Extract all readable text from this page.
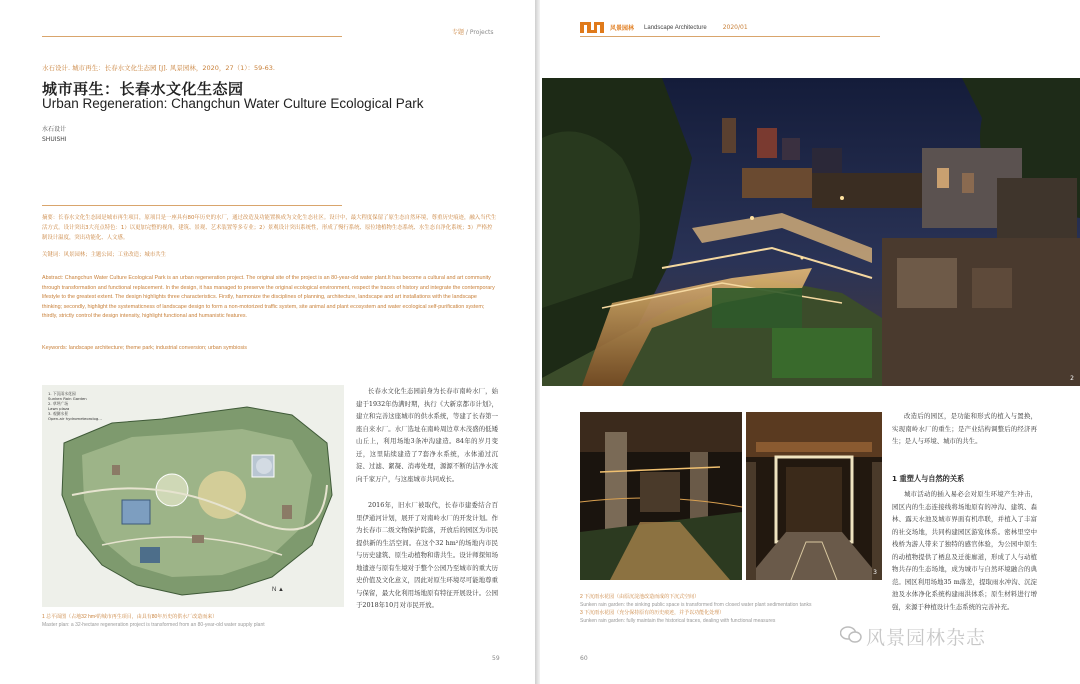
专题 / Projects
水石设计. 城市再生：长春水文化生态园 [J]. 风景园林，2020，27（1）：59-63.
城市再生：长春水文化生态园
Urban Regeneration: Changchun Water Culture Ecological Park
水石设计
SHUISHI
摘要：长春水文化生态园是城市再生项目，原项目是一座具有80年历史的水厂，通过改造及功能置换成为文化生态社区。设计中，最大程度保留了原生态自然环境，尊重历史痕迹，融入当代生活方式。设计突出3大亮点特色：1）以更加完整的视角，建筑、景观、艺术装置等多专业；2）景观设计突出系统性，形成了慢行系统、原位地植物生态系统、水生态自净化系统；3）严格控制设计温度，突出功能化、人文感。
关键词：风景园林；主题公园；工业改造；城市共生
Abstract: Changchun Water Culture Ecological Park is an urban regeneration project. The original site of the project is an 80-year-old water plant.It has become a cultural and art community through transformation and functional replacement. In the design, it has managed to preserve the original ecological environment, respect the traces of history and integrate the contemporary lifestyle to the greatest extent. The design highlights three characteristics. Firstly, harmonize the disciplines of planning, architecture, landscape and art installations with the landscape thinking; secondly, highlight the systematicness of landscape design to form a non-motorized traffic system, site animal and plant ecosystem and water ecological self-purification system; thirdly, strictly control the design intensity, highlight functional and humanistic features.
Keywords: landscape architecture; theme park; industrial conversion; urban symbiosis
N ▲
1. 下沉雨水花园
Sunken Rain Garden
2. 草坪广场
Lawn plaza
3. 观测水景
Open-air hydrometeorolog...
1 总平面图（占地32 hm²的城市再生项目，由具有80年历史的供水厂改造而来）
Master plan: a 32-hectare regeneration project is transformed from an 80-year-old water supply plant
长春水文化生态园前身为长春市南岭水厂，始建于1932年伪满时期，执行《大新京都市计划》，建立和完善这座城市的供水系统，等建了长春第一座自来水厂。水厂选址在南岭周边草木茂盛的低矮山丘上，利用场地3条冲沟建造。84年的岁月变迁，这里陆续建造了7套净水系统，水体通过沉淀、过滤、絮凝、消毒处理，源源不断的洁净水流向千家万户，与这座城市共同成长。
2016年，旧水厂被取代，长春市建委结合百里伊通河计划，展开了对南岭水厂的开发计划。作为长春市二级文物保护院落，开放后的园区为市民提供新的生活空间。在这个32 hm²的场地内市民与历史建筑、原生动植物和谐共生。设计师探知场地遗迹与原有生境对于整个公园乃至城市的重大历史价值及文化意义，因此对原生环境尽可能地尊重与保留，最大化利用场地原有特征开展设计。公园于2018年10月对市民开放。
59
风景园林 Landscape Architecture	2020/01
2
3
2 下沉雨水花园（由原沉淀池改造而成的下沉式空间）
Sunken rain garden: the sinking public space is transformed from closed water plant sedimentation tanks
3 下沉雨水花园（充分保持原有的历史痕迹，并予以功能化处理）
Sunken rain garden: fully maintain the historical traces, dealing with functional measures
改造后的园区，是功能和形式的植入与置换，实现南岭水厂的重生；是产业结构调整后的经济再生；是人与环境、城市的共生。
1 重塑人与自然的关系
城市活动的插入易必会对原生环境产生冲击，园区内的生态连接线将场地原有的冲沟、建筑、森林、露天水池及城市界面有机串联，并植入了丰富的社交场地，共同构建园区游览体系。密林里空中栈桥为游人带来了独特的感官体验，为公园中原生的动植物提供了栖息及迁徙廊道，形成了人与动植物共存的生态场地，成为城市与自然环境融合的典范。园区利用场地35 m落差，提取雨水冲沟、沉淀池及水体净化系统构建雨洪体系；原生材料进行增强，来源于种植设计生态系统的完善补充。
60
风景园林杂志
